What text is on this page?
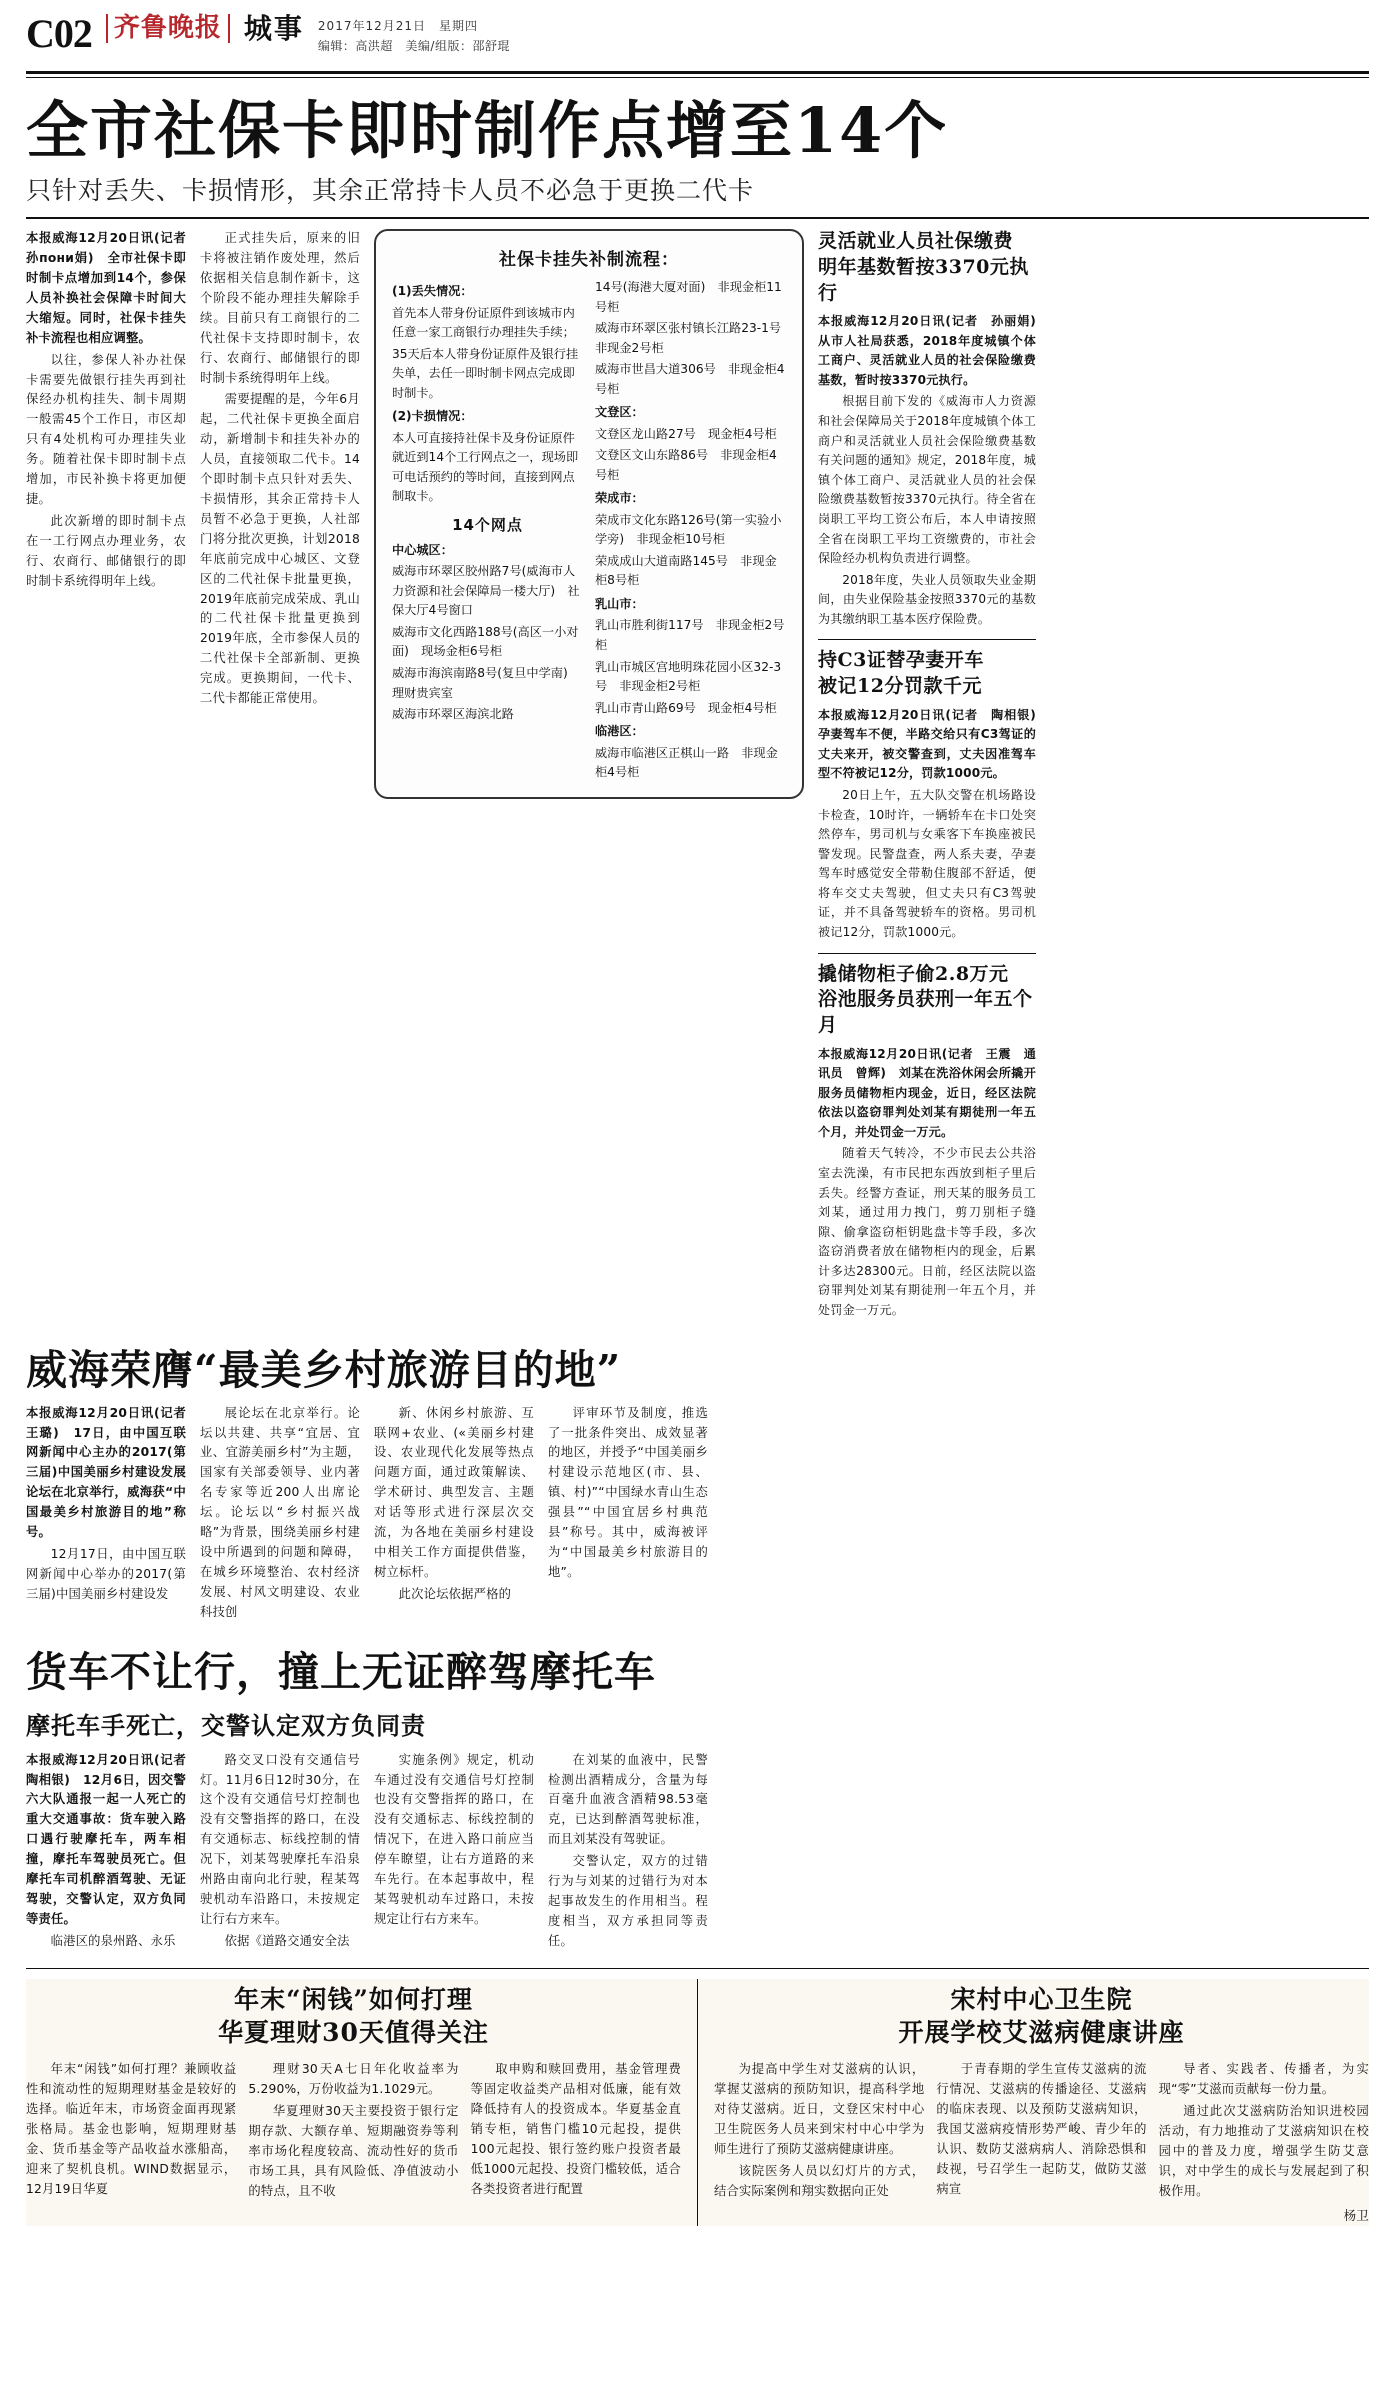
C02 齐鲁晚报 城事 2017年12月21日　星期四
编辑：高洪超　美编/组版：邵舒琨
全市社保卡即时制作点增至14个
只针对丢失、卡损情形，其余正常持卡人员不必急于更换二代卡

本报威海12月20日讯(记者　孙пони娟)　全市社保卡即时制卡点增加到14个，参保人员补换社会保障卡时间大大缩短。同时，社保卡挂失补卡流程也相应调整。

以往，参保人补办社保卡需要先做银行挂失再到社保经办机构挂失、制卡周期一般需45个工作日，市区却只有4处机构可办理挂失业务。随着社保卡即时制卡点增加，市民补换卡将更加便捷。

此次新增的即时制卡点在一工行网点办理业务，农行、农商行、邮储银行的即时制卡系统得明年上线。

正式挂失后，原来的旧卡将被注销作废处理，然后依据相关信息制作新卡，这个阶段不能办理挂失解除手续。目前只有工商银行的二代社保卡支持即时制卡，农行、农商行、邮储银行的即时制卡系统得明年上线。

需要提醒的是，今年6月起，二代社保卡更换全面启动，新增制卡和挂失补办的人员，直接领取二代卡。14个即时制卡点只针对丢失、卡损情形，其余正常持卡人员暂不必急于更换，人社部门将分批次更换，计划2018年底前完成中心城区、文登区的二代社保卡批量更换，2019年底前完成荣成、乳山的二代社保卡批量更换到2019年底，全市参保人员的二代社保卡全部新制、更换完成。更换期间，一代卡、二代卡都能正常使用。

社保卡挂失补制流程：
(1)丢失情况：

首先本人带身份证原件到该城市内任意一家工商银行办理挂失手续；

35天后本人带身份证原件及银行挂失单，去任一即时制卡网点完成即时制卡。

(2)卡损情况：

本人可直接持社保卡及身份证原件就近到14个工行网点之一，现场即可电话预约的等时间，直接到网点制取卡。

14个网点
中心城区：

威海市环翠区胶州路7号(威海市人力资源和社会保障局一楼大厅)　社保大厅4号窗口

威海市文化西路188号(高区一小对面)　现场金柜6号柜

威海市海滨南路8号(复旦中学南)　理财贵宾室

威海市环翠区海滨北路

14号(海港大厦对面)　非现金柜11号柜

威海市环翠区张村镇长江路23-1号　非现金2号柜

威海市世昌大道306号　非现金柜4号柜

文登区：

文登区龙山路27号　现金柜4号柜

文登区文山东路86号　非现金柜4号柜

荣成市：

荣成市文化东路126号(第一实验小学旁)　非现金柜10号柜

荣成成山大道南路145号　非现金柜8号柜

乳山市：

乳山市胜利街117号　非现金柜2号柜

乳山市城区宫地明珠花园小区32-3号　非现金柜2号柜

乳山市青山路69号　现金柜4号柜

临港区：

威海市临港区正棋山一路　非现金柜4号柜

灵活就业人员社保缴费
明年基数暂按3370元执行

本报威海12月20日讯(记者　孙丽娟)　从市人社局获悉，2018年度城镇个体工商户、灵活就业人员的社会保险缴费基数，暂时按3370元执行。

根据目前下发的《威海市人力资源和社会保障局关于2018年度城镇个体工商户和灵活就业人员社会保险缴费基数有关问题的通知》规定，2018年度，城镇个体工商户、灵活就业人员的社会保险缴费基数暂按3370元执行。待全省在岗职工平均工资公布后，本人申请按照全省在岗职工平均工资缴费的，市社会保险经办机构负责进行调整。

2018年度，失业人员领取失业金期间，由失业保险基金按照3370元的基数为其缴纳职工基本医疗保险费。

持C3证替孕妻开车
被记12分罚款千元

本报威海12月20日讯(记者　陶相银)　孕妻驾车不便，半路交给只有C3驾证的丈夫来开，被交警查到，丈夫因准驾车型不符被记12分，罚款1000元。

20日上午，五大队交警在机场路设卡检查，10时许，一辆轿车在卡口处突然停车，男司机与女乘客下车换座被民警发现。民警盘查，两人系夫妻，孕妻驾车时感觉安全带勒住腹部不舒适，便将车交丈夫驾驶，但丈夫只有C3驾驶证，并不具备驾驶轿车的资格。男司机被记12分，罚款1000元。

撬储物柜子偷2.8万元
浴池服务员获刑一年五个月

本报威海12月20日讯(记者　王震　通讯员　曾辉)　刘某在洗浴休闲会所撬开服务员储物柜内现金，近日，经区法院依法以盗窃罪判处刘某有期徒刑一年五个月，并处罚金一万元。

随着天气转冷，不少市民去公共浴室去洗澡，有市民把东西放到柜子里后丢失。经警方查证，刑天某的服务员工刘某，通过用力拽门，剪刀别柜子缝隙、偷拿盗窃柜钥匙盘卡等手段，多次盗窃消费者放在储物柜内的现金，后累计多达28300元。日前，经区法院以盗窃罪判处刘某有期徒刑一年五个月，并处罚金一万元。

威海荣膺“最美乡村旅游目的地”

本报威海12月20日讯(记者　王璐)　17日，由中国互联网新闻中心主办的2017(第三届)中国美丽乡村建设发展论坛在北京举行，威海获“中国最美乡村旅游目的地”称号。

12月17日，由中国互联网新闻中心举办的2017(第三届)中国美丽乡村建设发

展论坛在北京举行。论坛以共建、共享“宜居、宜业、宜游美丽乡村”为主题，国家有关部委领导、业内著名专家等近200人出席论坛。论坛以“乡村振兴战略”为背景，围绕美丽乡村建设中所遇到的问题和障碍，在城乡环境整治、农村经济发展、村风文明建设、农业科技创

新、休闲乡村旅游、互联网+农业、(«美丽乡村建设、农业现代化发展等热点问题方面，通过政策解读、学术研讨、典型发言、主题对话等形式进行深层次交流，为各地在美丽乡村建设中相关工作方面提供借鉴，树立标杆。

此次论坛依据严格的

评审环节及制度，推选了一批条件突出、成效显著的地区，并授予“中国美丽乡村建设示范地区(市、县、镇、村)”“中国绿水青山生态强县”“中国宜居乡村典范县”称号。其中，威海被评为“中国最美乡村旅游目的地”。

货车不让行，撞上无证醉驾摩托车
摩托车手死亡，交警认定双方负同责

本报威海12月20日讯(记者　陶相银)　12月6日，因交警六大队通报一起一人死亡的重大交通事故：货车驶入路口遇行驶摩托车，两车相撞，摩托车驾驶员死亡。但摩托车司机醉酒驾驶、无证驾驶，交警认定，双方负同等责任。

临港区的泉州路、永乐

路交叉口没有交通信号灯。11月6日12时30分，在这个没有交通信号灯控制也没有交警指挥的路口，在没有交通标志、标线控制的情况下，刘某驾驶摩托车沿泉州路由南向北行驶，程某驾驶机动车沿路口，未按规定让行右方来车。

依据《道路交通安全法

实施条例》规定，机动车通过没有交通信号灯控制也没有交警指挥的路口，在没有交通标志、标线控制的情况下，在进入路口前应当停车瞭望，让右方道路的来车先行。在本起事故中，程某驾驶机动车过路口，未按规定让行右方来车。

在刘某的血液中，民警检测出酒精成分，含量为每百毫升血液含酒精98.53毫克，已达到醉酒驾驶标准，而且刘某没有驾驶证。

交警认定，双方的过错行为与刘某的过错行为对本起事故发生的作用相当。程度相当，双方承担同等责任。

年末“闲钱”如何打理
华夏理财30天值得关注

年末“闲钱”如何打理？兼顾收益性和流动性的短期理财基金是较好的选择。临近年末，市场资金面再现紧张格局。基金也影响，短期理财基金、货币基金等产品收益水涨船高，迎来了契机良机。WIND数据显示，12月19日华夏

理财30天A七日年化收益率为5.290%，万份收益为1.1029元。

华夏理财30天主要投资于银行定期存款、大额存单、短期融资券等利率市场化程度较高、流动性好的货币市场工具，具有风险低、净值波动小的特点，且不收

取申购和赎回费用，基金管理费等固定收益类产品相对低廉，能有效降低持有人的投资成本。华夏基金直销专柜，销售门槛10元起投，提供100元起投、银行签约账户投资者最低1000元起投、投资门槛较低，适合各类投资者进行配置

宋村中心卫生院
开展学校艾滋病健康讲座

为提高中学生对艾滋病的认识，掌握艾滋病的预防知识，提高科学地对待艾滋病。近日，文登区宋村中心卫生院医务人员来到宋村中心中学为师生进行了预防艾滋病健康讲座。

该院医务人员以幻灯片的方式，结合实际案例和翔实数据向正处

于青春期的学生宣传艾滋病的流行情况、艾滋病的传播途径、艾滋病的临床表现、以及预防艾滋病知识，我国艾滋病疫情形势严峻、青少年的认识、数防艾滋病病人、消除恐惧和歧视，号召学生一起防艾，做防艾滋病宣

导者、实践者、传播者，为实现“零”艾滋而贡献每一份力量。

通过此次艾滋病防治知识进校园活动，有力地推动了艾滋病知识在校园中的普及力度，增强学生防艾意识，对中学生的成长与发展起到了积极作用。

杨卫
